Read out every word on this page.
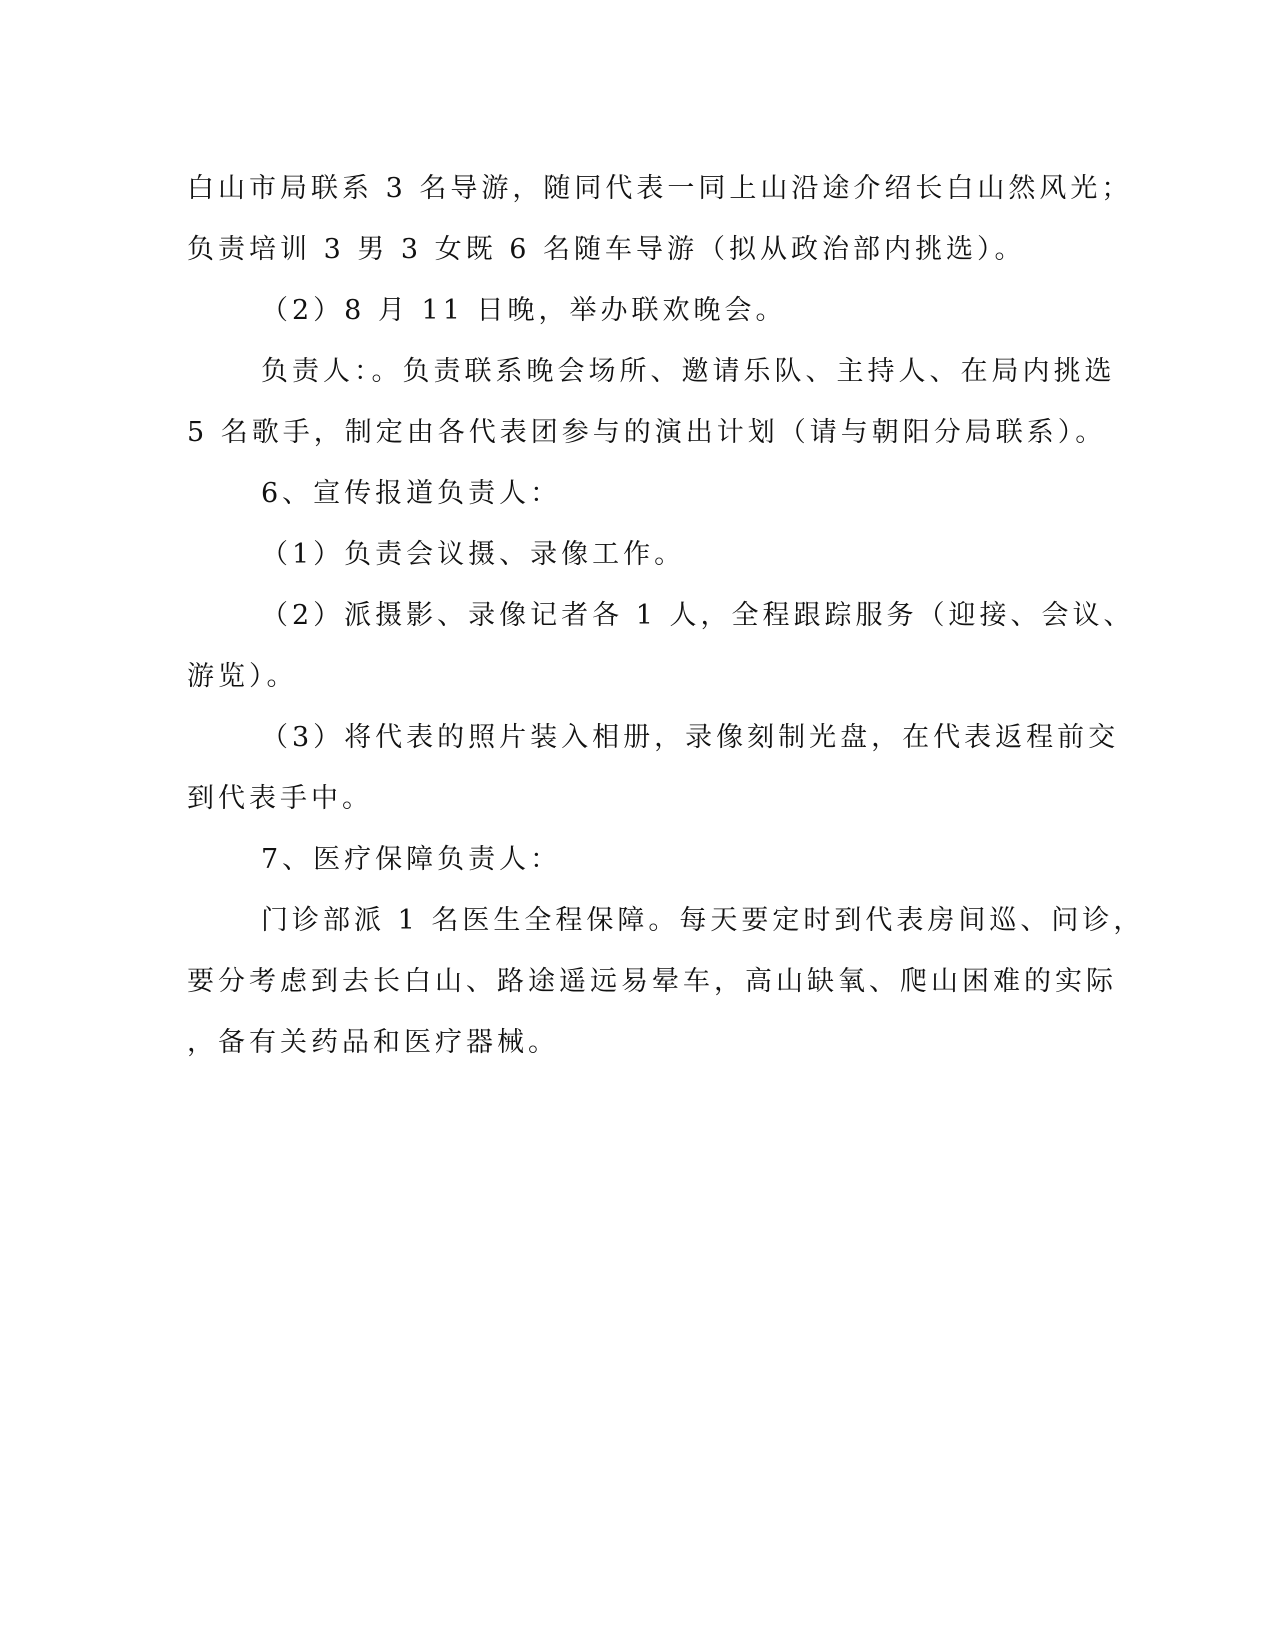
白山市局联系 3 名导游，随同代表一同上山沿途介绍长白山然风光；

负责培训 3 男 3 女既 6 名随车导游（拟从政治部内挑选）。

（2）8 月 11 日晚，举办联欢晚会。

负责人：。负责联系晚会场所、邀请乐队、主持人、在局内挑选

5 名歌手，制定由各代表团参与的演出计划（请与朝阳分局联系）。

6、宣传报道负责人：

（1）负责会议摄、录像工作。

（2）派摄影、录像记者各 1 人，全程跟踪服务（迎接、会议、

游览）。

（3）将代表的照片装入相册，录像刻制光盘，在代表返程前交

到代表手中。

7、医疗保障负责人：

门诊部派 1 名医生全程保障。每天要定时到代表房间巡、问诊，

要分考虑到去长白山、路途遥远易晕车，高山缺氧、爬山困难的实际

，备有关药品和医疗器械。
